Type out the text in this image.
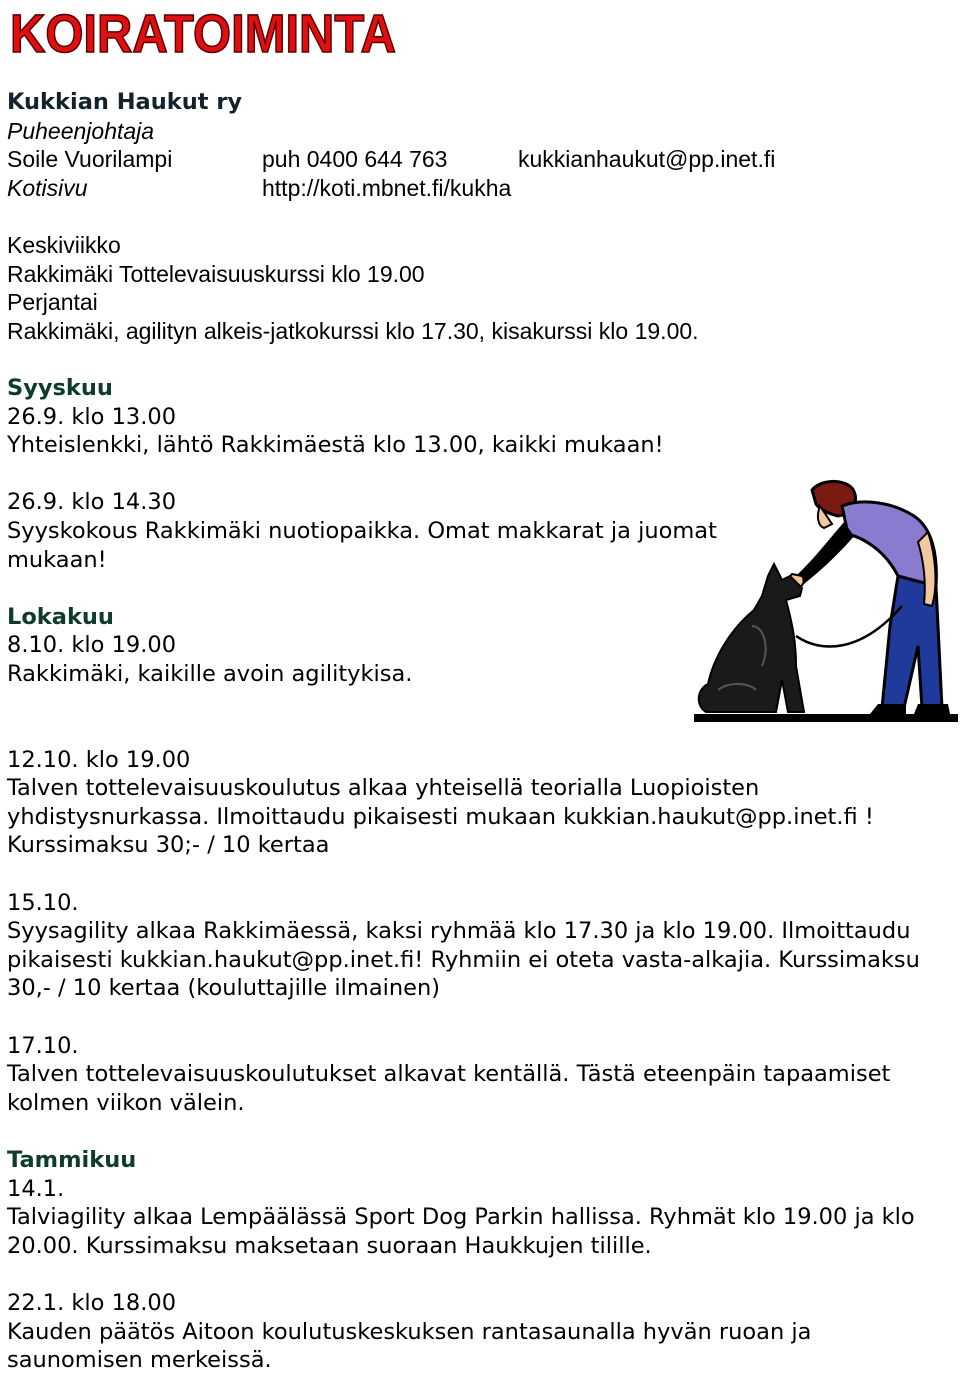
KOIRATOIMINTA

Kukkian Haukut ry

Puheenjohtaja

Soile Vuorilampi	puh 0400 644 763	kukkianhaukut@pp.inet.fi
Kotisivu	http://koti.mbnet.fi/kukha

Keskiviikko

Rakkimäki Tottelevaisuuskurssi klo 19.00

Perjantai

Rakkimäki, agilityn alkeis-jatkokurssi klo 17.30, kisakurssi klo 19.00.

Syyskuu

26.9. klo 13.00

Yhteislenkki, lähtö Rakkimäestä klo 13.00, kaikki mukaan!

26.9. klo 14.30

Syyskokous Rakkimäki nuotiopaikka. Omat makkarat ja juomat mukaan!

Lokakuu

8.10. klo 19.00

Rakkimäki, kaikille avoin agilitykisa.

12.10. klo 19.00

Talven tottelevaisuuskoulutus alkaa yhteisellä teorialla Luopioisten yhdistysnurkassa. Ilmoittaudu pikaisesti mukaan kukkian.haukut@pp.inet.fi ! Kurssimaksu 30;- / 10 kertaa

15.10.

Syysagility alkaa Rakkimäessä, kaksi ryhmää klo 17.30 ja klo 19.00. Ilmoittaudu pikaisesti kukkian.haukut@pp.inet.fi! Ryhmiin ei oteta vasta-alkajia. Kurssimaksu 30,- / 10 kertaa (kouluttajille ilmainen)

17.10.

Talven tottelevaisuuskoulutukset alkavat kentällä. Tästä eteenpäin tapaamiset kolmen viikon välein.

Tammikuu

14.1.

Talviagility alkaa Lempäälässä Sport Dog Parkin hallissa. Ryhmät klo 19.00 ja klo 20.00. Kurssimaksu maksetaan suoraan Haukkujen tilille.

22.1. klo 18.00

Kauden päätös Aitoon koulutuskeskuksen rantasaunalla hyvän ruoan ja saunomisen merkeissä.
